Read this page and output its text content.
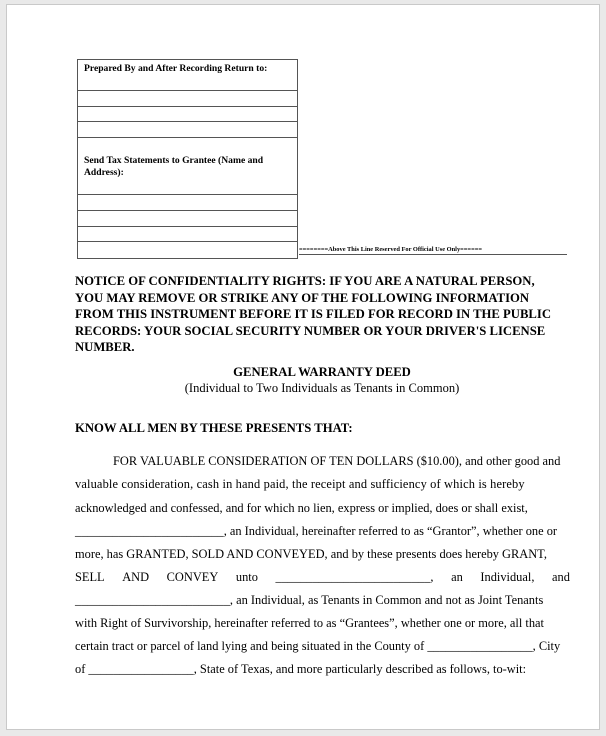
Prepared By and After Recording Return to:
Send Tax Statements to Grantee (Name and Address):
========Above This Line Reserved For Official Use Only======
NOTICE OF CONFIDENTIALITY RIGHTS: IF YOU ARE A NATURAL PERSON, YOU MAY REMOVE OR STRIKE ANY OF THE FOLLOWING INFORMATION FROM THIS INSTRUMENT BEFORE IT IS FILED FOR RECORD IN THE PUBLIC RECORDS: YOUR SOCIAL SECURITY NUMBER OR YOUR DRIVER'S LICENSE NUMBER.
GENERAL WARRANTY DEED
(Individual to Two Individuals as Tenants in Common)
KNOW ALL MEN BY THESE PRESENTS THAT:
FOR VALUABLE CONSIDERATION OF TEN DOLLARS ($10.00), and other good and
valuable consideration, cash in hand paid, the receipt and sufficiency of which is hereby
acknowledged and confessed, and for which no lien, express or implied, does or shall exist,
________________________, an Individual, hereinafter referred to as “Grantor”, whether one or
more, has GRANTED, SOLD AND CONVEYED, and by these presents does hereby GRANT,
SELL AND CONVEY unto _________________________, an Individual, and
_________________________, an Individual, as Tenants in Common and not as Joint Tenants
with Right of Survivorship, hereinafter referred to as “Grantees”, whether one or more, all that
certain tract or parcel of land lying and being situated in the County of _________________, City
of _________________, State of Texas, and more particularly described as follows, to-wit:
